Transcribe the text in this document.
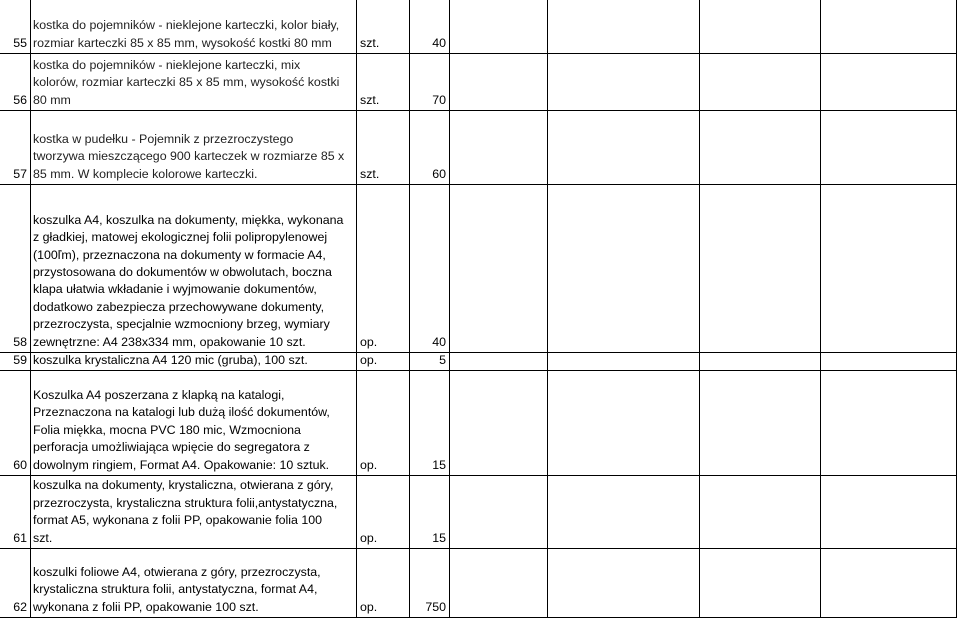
55
kostka do pojemników - nieklejone karteczki, kolor biały,
rozmiar karteczki 85 x 85 mm, wysokość kostki 80 mm	szt.	40
56
kostka do pojemników - nieklejone karteczki, mix
kolorów, rozmiar karteczki 85 x 85 mm, wysokość kostki
80 mm	szt.	70
57
kostka w pudełku - Pojemnik z przezroczystego
tworzywa mieszczącego 900 karteczek w rozmiarze 85 x
85 mm. W komplecie kolorowe karteczki.	szt.	60
58
koszulka A4, koszulka na dokumenty, miękka, wykonana
z gładkiej, matowej ekologicznej folii polipropylenowej
(100ľm), przeznaczona na dokumenty w formacie A4,
przystosowana do dokumentów w obwolutach, boczna
klapa ułatwia wkładanie i wyjmowanie dokumentów,
dodatkowo zabezpiecza przechowywane dokumenty,
przezroczysta, specjalnie wzmocniony brzeg, wymiary
zewnętrzne: A4 238x334 mm, opakowanie 10 szt.	op.	40
59 koszulka krystaliczna A4 120 mic (gruba), 100 szt.	op.	5
60
Koszulka A4 poszerzana z klapką na katalogi,
Przeznaczona na katalogi lub dużą ilość dokumentów,
Folia miękka, mocna PVC 180 mic, Wzmocniona
perforacja umożliwiająca wpięcie do segregatora z
dowolnym ringiem, Format A4. Opakowanie: 10 sztuk.	op.	15
61
koszulka na dokumenty, krystaliczna, otwierana z góry,
przezroczysta, krystaliczna struktura folii,antystatyczna,
format A5, wykonana z folii PP, opakowanie folia 100
szt.	op.	15
62
koszulki foliowe A4, otwierana z góry, przezroczysta,
krystaliczna struktura folii, antystatyczna, format A4,
wykonana z folii PP, opakowanie 100 szt.	op.	750
